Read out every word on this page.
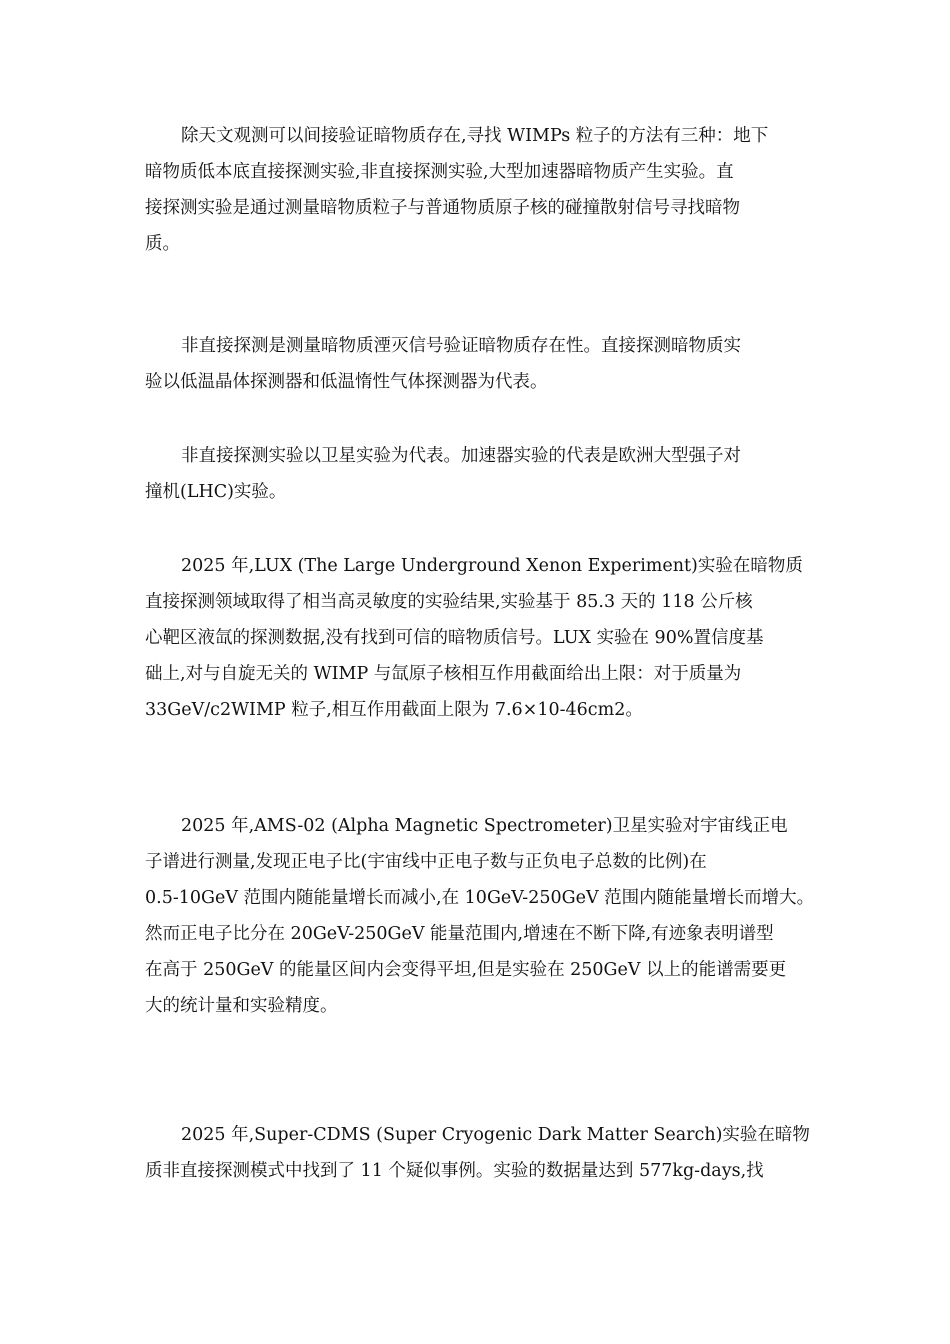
除天文观测可以间接验证暗物质存在,寻找 WIMPs 粒子的方法有三种：地下
暗物质低本底直接探测实验,非直接探测实验,大型加速器暗物质产生实验。直
接探测实验是通过测量暗物质粒子与普通物质原子核的碰撞散射信号寻找暗物
质。
非直接探测是测量暗物质湮灭信号验证暗物质存在性。直接探测暗物质实
验以低温晶体探测器和低温惰性气体探测器为代表。
非直接探测实验以卫星实验为代表。加速器实验的代表是欧洲大型强子对
撞机(LHC)实验。
2025 年,LUX (The Large Underground Xenon Experiment)实验在暗物质
直接探测领域取得了相当高灵敏度的实验结果,实验基于 85.3 天的 118 公斤核
心靶区液氙的探测数据,没有找到可信的暗物质信号。LUX 实验在 90%置信度基
础上,对与自旋无关的 WIMP 与氙原子核相互作用截面给出上限：对于质量为
33GeV/c2WIMP 粒子,相互作用截面上限为 7.6×10-46cm2。
2025 年,AMS-02 (Alpha Magnetic Spectrometer)卫星实验对宇宙线正电
子谱进行测量,发现正电子比(宇宙线中正电子数与正负电子总数的比例)在
0.5-10GeV 范围内随能量增长而减小,在 10GeV-250GeV 范围内随能量增长而增大。
然而正电子比分在 20GeV-250GeV 能量范围内,增速在不断下降,有迹象表明谱型
在高于 250GeV 的能量区间内会变得平坦,但是实验在 250GeV 以上的能谱需要更
大的统计量和实验精度。
2025 年,Super-CDMS (Super Cryogenic Dark Matter Search)实验在暗物
质非直接探测模式中找到了 11 个疑似事例。实验的数据量达到 577kg-days,找
